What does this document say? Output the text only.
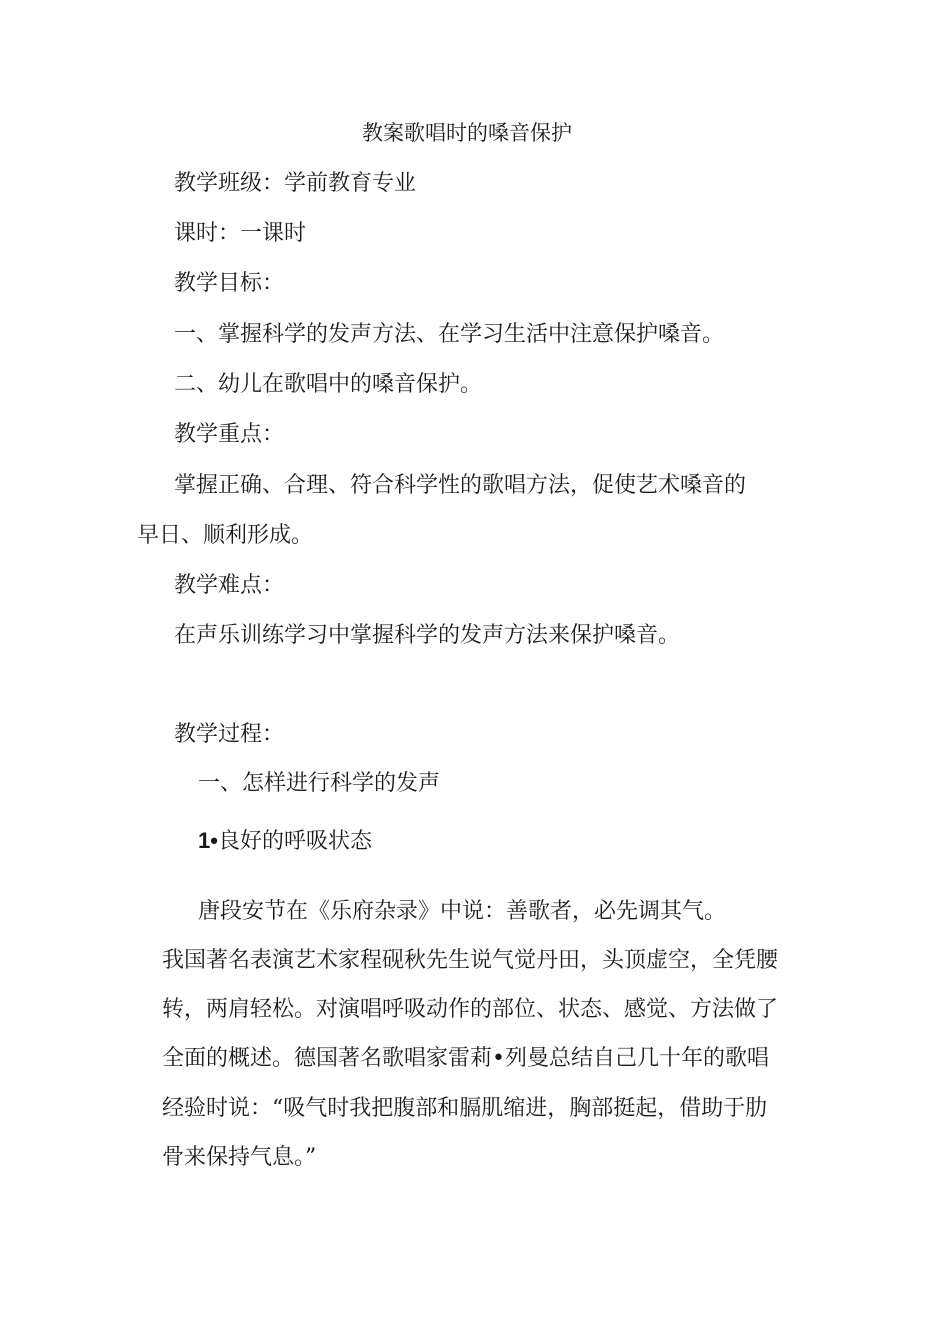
教案歌唱时的嗓音保护

教学班级：学前教育专业

课时：一课时

教学目标：

一、掌握科学的发声方法、在学习生活中注意保护嗓音。

二、幼儿在歌唱中的嗓音保护。

教学重点：

掌握正确、合理、符合科学性的歌唱方法，促使艺术嗓音的

早日、顺利形成。

教学难点：

在声乐训练学习中掌握科学的发声方法来保护嗓音。

教学过程：

一、怎样进行科学的发声

1•良好的呼吸状态

唐段安节在《乐府杂录》中说：善歌者，必先调其气。

我国著名表演艺术家程砚秋先生说气觉丹田，头顶虚空，全凭腰

转，两肩轻松。对演唱呼吸动作的部位、状态、感觉、方法做了

全面的概述。德国著名歌唱家雷莉•列曼总结自己几十年的歌唱

经验时说：“吸气时我把腹部和膈肌缩进，胸部挺起，借助于肋

骨来保持气息。”
